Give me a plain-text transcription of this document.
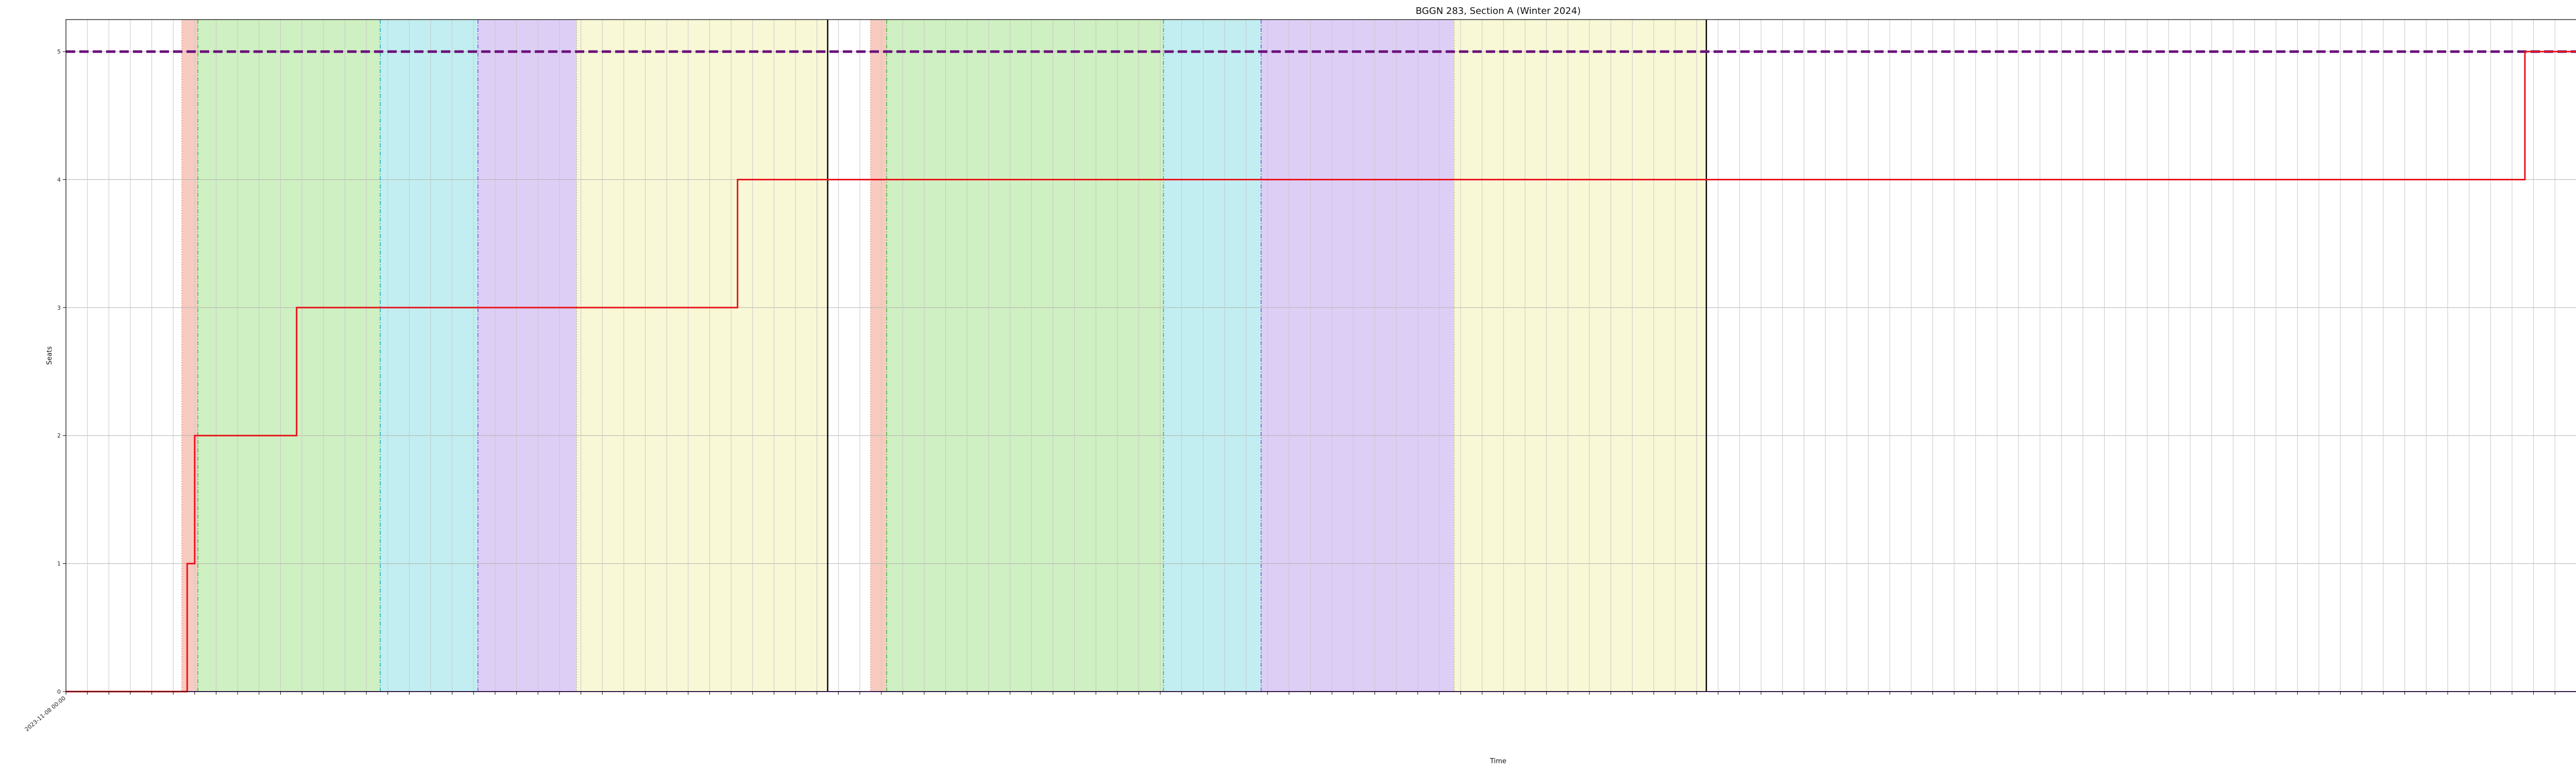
BGGN 283, Section A (Winter 2024)
0
1
2
3
4
5
2023-11-08 00:00
Time
Seats
